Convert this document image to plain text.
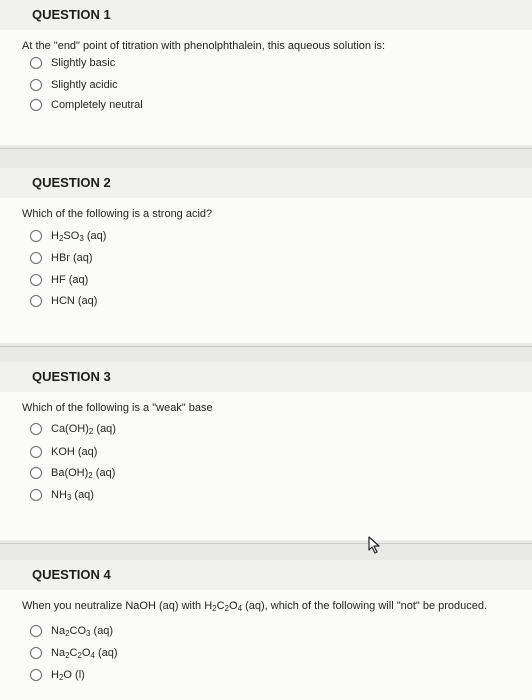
QUESTION 1
At the "end" point of titration with phenolphthalein, this aqueous solution is:
Slightly basic
Slightly acidic
Completely neutral
QUESTION 2
Which of the following is a strong acid?
$H_2SO_3$ (aq)
HBr (aq)
HF (aq)
HCN (aq)
QUESTION 3
Which of the following is a "weak" base
$Ca(OH)_2$ (aq)
KOH (aq)
$Ba(OH)_2$ (aq)
$NH_3$ (aq)
QUESTION 4
When you neutralize NaOH (aq) with $H_2C_2O_4$ (aq), which of the following will "not" be produced.
$Na_2CO_3$ (aq)
$Na_2C_2O_4$ (aq)
$H_2O$ (l)
